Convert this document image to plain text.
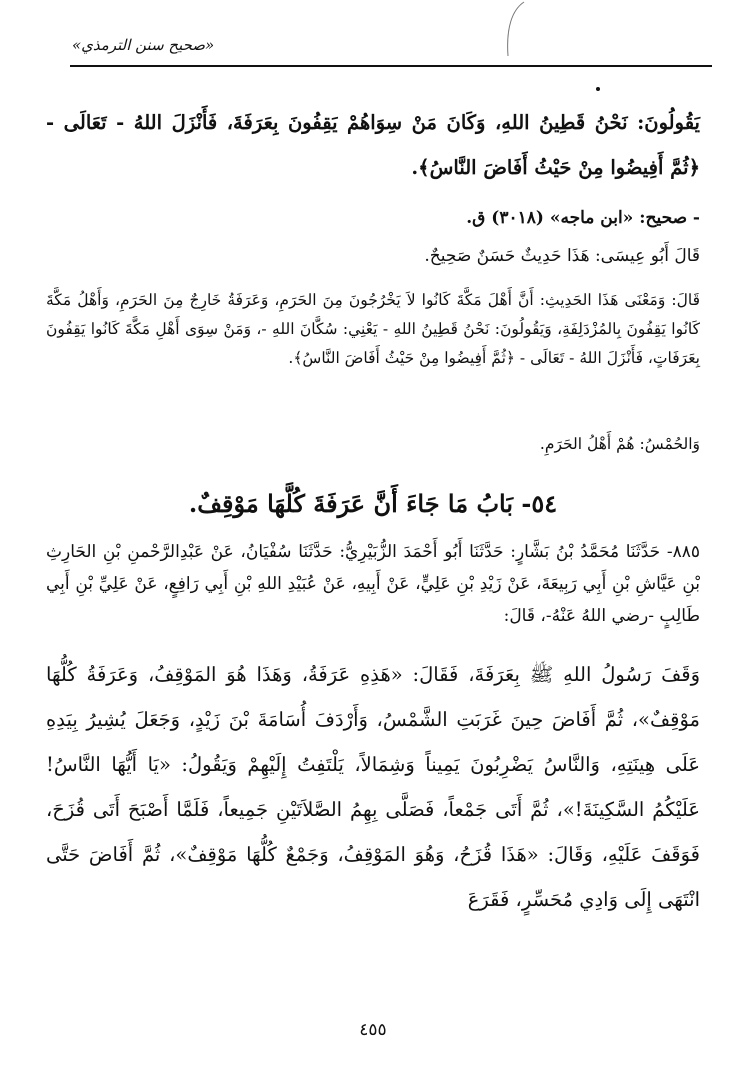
«صحيح سنن الترمذي»

يَقُولُونَ: نَحْنُ قَطِينُ اللهِ، وَكَانَ مَنْ سِوَاهُمْ يَقِفُونَ بِعَرَفَةَ، فَأَنْزَلَ اللهُ - تَعَالَى - ﴿ثُمَّ أَفِيضُوا مِنْ حَيْثُ أَفَاضَ النَّاسُ﴾.

- صحيح: «ابن ماجه» (٣٠١٨) ق.

قَالَ أَبُو عِيسَى: هَذَا حَدِيثٌ حَسَنٌ صَحِيحٌ.

قَالَ: وَمَعْنَى هَذَا الحَدِيثِ: أَنَّ أَهْلَ مَكَّةَ كَانُوا لاَ يَخْرُجُونَ مِنَ الحَرَمِ، وَعَرَفَةُ خَارِجٌ مِنَ الحَرَمِ، وَأَهْلُ مَكَّةَ كَانُوا يَقِفُونَ بِالمُزْدَلِفَةِ، وَيَقُولُونَ: نَحْنُ قَطِينُ اللهِ - يَعْنِي: سُكَّانَ اللهِ -، وَمَنْ سِوَى أَهْلِ مَكَّةَ كَانُوا يَقِفُونَ بِعَرَفَاتٍ، فَأَنْزَلَ اللهُ - تَعَالَى - ﴿ثُمَّ أَفِيضُوا مِنْ حَيْثُ أَفَاضَ النَّاسُ﴾.

وَالحُمْسُ: هُمْ أَهْلُ الحَرَمِ.

٥٤- بَابُ مَا جَاءَ أَنَّ عَرَفَةَ كُلَّهَا مَوْقِفٌ.

٨٨٥- حَدَّثَنَا مُحَمَّدُ بْنُ بَشَّارٍ: حَدَّثَنَا أَبُو أَحْمَدَ الزُّبَيْرِيُّ: حَدَّثَنَا سُفْيَانُ، عَنْ عَبْدِالرَّحْمنِ بْنِ الحَارِثِ بْنِ عَيَّاشِ بْنِ أَبِي رَبِيعَةَ، عَنْ زَيْدِ بْنِ عَلِيٍّ، عَنْ أَبِيهِ، عَنْ عُبَيْدِ اللهِ بْنِ أَبِي رَافِعٍ، عَنْ عَلِيِّ بْنِ أَبِي طَالِبٍ -رضي اللهُ عَنْهُ-، قَالَ:

وَقَفَ رَسُولُ اللهِ ﷺ بِعَرَفَةَ، فَقَالَ: «هَذِهِ عَرَفَةُ، وَهَذَا هُوَ المَوْقِفُ، وَعَرَفَةُ كُلُّهَا مَوْقِفٌ»، ثُمَّ أَفَاضَ حِينَ غَرَبَتِ الشَّمْسُ، وَأَرْدَفَ أُسَامَةَ بْنَ زَيْدٍ، وَجَعَلَ يُشِيرُ بِيَدِهِ عَلَى هِينَتِهِ، وَالنَّاسُ يَضْرِبُونَ يَمِيناً وَشِمَالاً، يَلْتَفِتُ إِلَيْهِمْ وَيَقُولُ: «يَا أَيُّهَا النَّاسُ! عَلَيْكُمُ السَّكِينَةَ!»، ثُمَّ أَتَى جَمْعاً، فَصَلَّى بِهِمُ الصَّلاَتَيْنِ جَمِيعاً، فَلَمَّا أَصْبَحَ أَتَى قُزَحَ، فَوَقَفَ عَلَيْهِ، وَقَالَ: «هَذَا قُزَحُ، وَهُوَ المَوْقِفُ، وَجَمْعٌ كُلُّهَا مَوْقِفٌ»، ثُمَّ أَفَاضَ حَتَّى انْتَهَى إِلَى وَادِي مُحَسِّرٍ، فَقَرَعَ

٤٥٥
